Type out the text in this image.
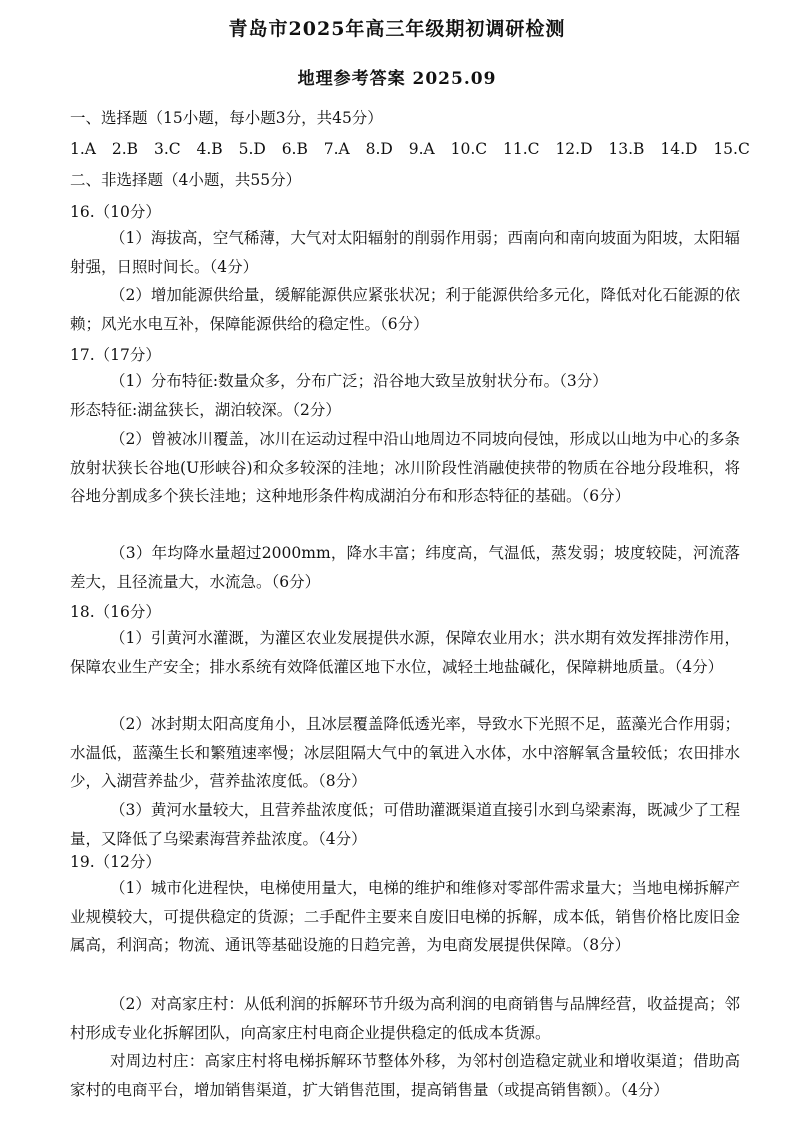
青岛市2025年高三年级期初调研检测
地理参考答案 2025.09
一、选择题（15小题，每小题3分，共45分）
1.A 2.B 3.C 4.B 5.D 6.B 7.A 8.D 9.A 10.C 11.C 12.D 13.B 14.D 15.C
二、非选择题（4小题，共55分）
16.（10分）
（1）海拔高，空气稀薄，大气对太阳辐射的削弱作用弱；西南向和南向坡面为阳坡，太阳辐射强，日照时间长。（4分）
（2）增加能源供给量，缓解能源供应紧张状况；利于能源供给多元化，降低对化石能源的依赖；风光水电互补，保障能源供给的稳定性。（6分）
17.（17分）
（1）分布特征:数量众多，分布广泛；沿谷地大致呈放射状分布。（3分）
形态特征:湖盆狭长，湖泊较深。（2分）
（2）曾被冰川覆盖，冰川在运动过程中沿山地周边不同坡向侵蚀，形成以山地为中心的多条放射状狭长谷地(U形峡谷)和众多较深的洼地；冰川阶段性消融使挟带的物质在谷地分段堆积，将谷地分割成多个狭长洼地；这种地形条件构成湖泊分布和形态特征的基础。（6分）
（3）年均降水量超过2000mm，降水丰富；纬度高，气温低，蒸发弱；坡度较陡，河流落差大，且径流量大，水流急。（6分）
18.（16分）
（1）引黄河水灌溉，为灌区农业发展提供水源，保障农业用水；洪水期有效发挥排涝作用，保障农业生产安全；排水系统有效降低灌区地下水位，减轻土地盐碱化，保障耕地质量。（4分）
（2）冰封期太阳高度角小，且冰层覆盖降低透光率，导致水下光照不足，蓝藻光合作用弱；水温低，蓝藻生长和繁殖速率慢；冰层阻隔大气中的氧进入水体，水中溶解氧含量较低；农田排水少，入湖营养盐少，营养盐浓度低。（8分）
（3）黄河水量较大，且营养盐浓度低；可借助灌溉渠道直接引水到乌梁素海，既减少了工程量，又降低了乌梁素海营养盐浓度。（4分）
19.（12分）
（1）城市化进程快，电梯使用量大，电梯的维护和维修对零部件需求量大；当地电梯拆解产业规模较大，可提供稳定的货源；二手配件主要来自废旧电梯的拆解，成本低，销售价格比废旧金属高，利润高；物流、通讯等基础设施的日趋完善，为电商发展提供保障。（8分）
（2）对高家庄村：从低利润的拆解环节升级为高利润的电商销售与品牌经营，收益提高；邻村形成专业化拆解团队，向高家庄村电商企业提供稳定的低成本货源。
对周边村庄：高家庄村将电梯拆解环节整体外移，为邻村创造稳定就业和增收渠道；借助高家村的电商平台，增加销售渠道，扩大销售范围，提高销售量（或提高销售额）。（4分）
